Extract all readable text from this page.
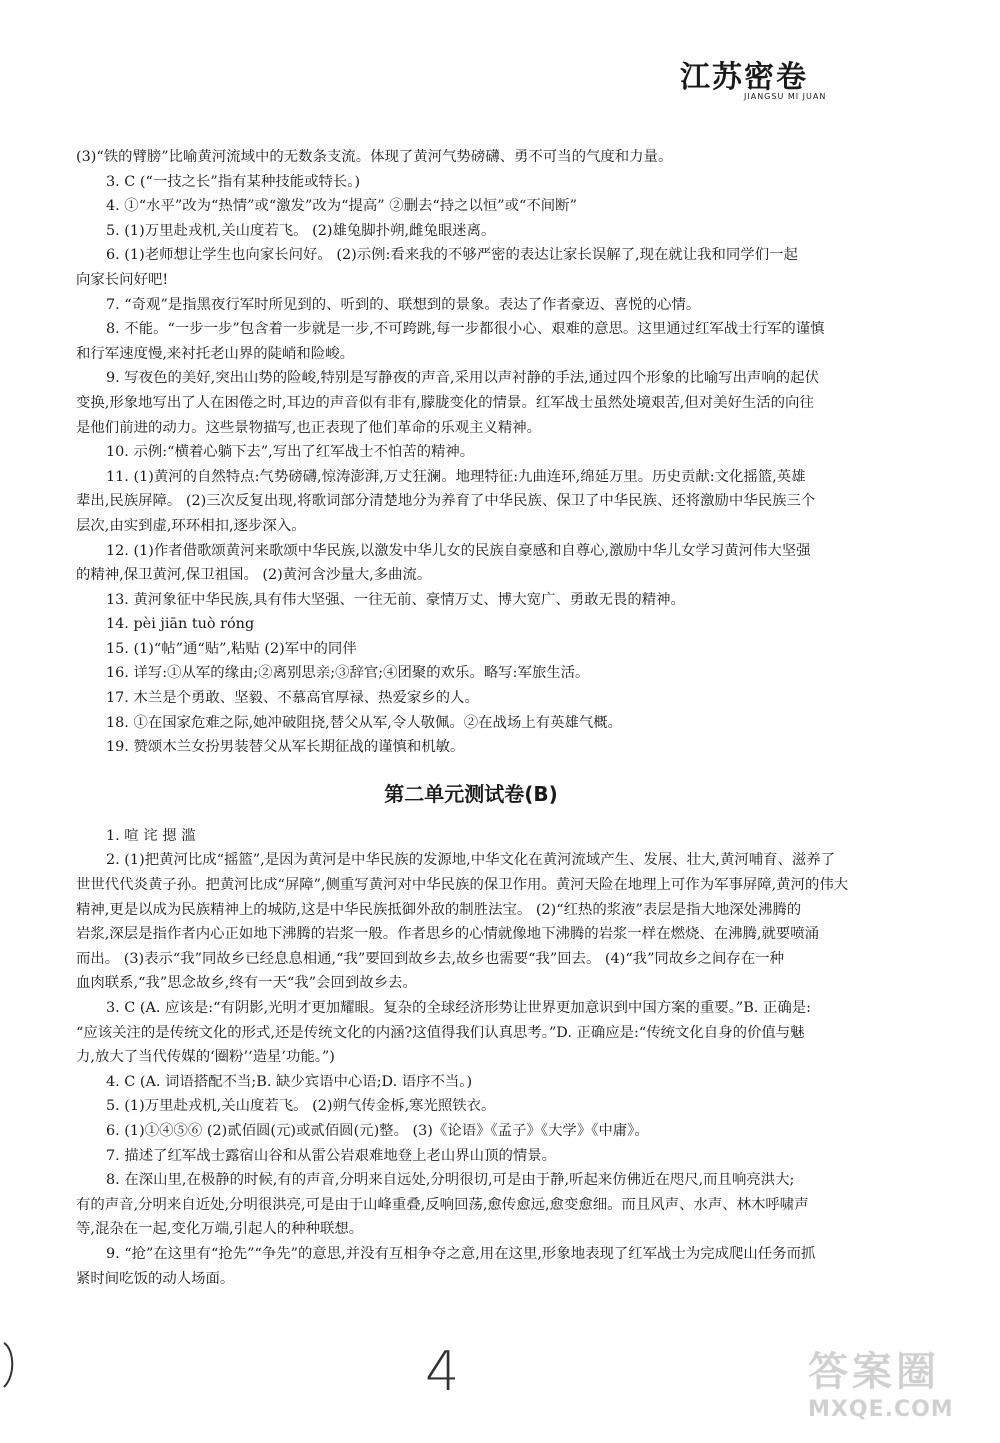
江苏密卷
JIANGSU MI JUAN
(3)“铁的臂膀”比喻黄河流域中的无数条支流。体现了黄河气势磅礴、勇不可当的气度和力量。
3. C (“一技之长”指有某种技能或特长。)
4. ①“水平”改为“热情”或“激发”改为“提高” ②删去“持之以恒”或“不间断”
5. (1)万里赴戎机,关山度若飞。 (2)雄兔脚扑朔,雌兔眼迷离。
6. (1)老师想让学生也向家长问好。 (2)示例:看来我的不够严密的表达让家长误解了,现在就让我和同学们一起
向家长问好吧!
7. “奇观”是指黑夜行军时所见到的、听到的、联想到的景象。表达了作者豪迈、喜悦的心情。
8. 不能。“一步一步”包含着一步就是一步,不可跨跳,每一步都很小心、艰难的意思。这里通过红军战士行军的谨慎
和行军速度慢,来衬托老山界的陡峭和险峻。
9. 写夜色的美好,突出山势的险峻,特别是写静夜的声音,采用以声衬静的手法,通过四个形象的比喻写出声响的起伏
变换,形象地写出了人在困倦之时,耳边的声音似有非有,朦胧变化的情景。红军战士虽然处境艰苦,但对美好生活的向往
是他们前进的动力。这些景物描写,也正表现了他们革命的乐观主义精神。
10. 示例:“横着心躺下去”,写出了红军战士不怕苦的精神。
11. (1)黄河的自然特点:气势磅礴,惊涛澎湃,万丈狂澜。地理特征:九曲连环,绵延万里。历史贡献:文化摇篮,英雄
辈出,民族屏障。 (2)三次反复出现,将歌词部分清楚地分为养育了中华民族、保卫了中华民族、还将激励中华民族三个
层次,由实到虚,环环相扣,逐步深入。
12. (1)作者借歌颂黄河来歌颂中华民族,以激发中华儿女的民族自豪感和自尊心,激励中华儿女学习黄河伟大坚强
的精神,保卫黄河,保卫祖国。 (2)黄河含沙量大,多曲流。
13. 黄河象征中华民族,具有伟大坚强、一往无前、豪情万丈、博大宽广、勇敢无畏的精神。
14. pèi jiān tuò róng
15. (1)“帖”通“贴”,粘贴 (2)军中的同伴
16. 详写:①从军的缘由;②离别思亲;③辞官;④团聚的欢乐。略写:军旅生活。
17. 木兰是个勇敢、坚毅、不慕高官厚禄、热爱家乡的人。
18. ①在国家危难之际,她冲破阻挠,替父从军,令人敬佩。②在战场上有英雄气概。
19. 赞颂木兰女扮男装替父从军长期征战的谨慎和机敏。
第二单元测试卷(B)
1. 喧 诧 摁 滥
2. (1)把黄河比成“摇篮”,是因为黄河是中华民族的发源地,中华文化在黄河流域产生、发展、壮大,黄河哺育、滋养了
世世代代炎黄子孙。把黄河比成“屏障”,侧重写黄河对中华民族的保卫作用。黄河天险在地理上可作为军事屏障,黄河的伟大
精神,更是以成为民族精神上的城防,这是中华民族抵御外敌的制胜法宝。 (2)“红热的浆液”表层是指大地深处沸腾的
岩浆,深层是指作者内心正如地下沸腾的岩浆一般。作者思乡的心情就像地下沸腾的岩浆一样在燃烧、在沸腾,就要喷涌
而出。 (3)表示“我”同故乡已经息息相通,“我”要回到故乡去,故乡也需要“我”回去。 (4)“我”同故乡之间存在一种
血肉联系,“我”思念故乡,终有一天“我”会回到故乡去。
3. C (A. 应该是:“有阴影,光明才更加耀眼。复杂的全球经济形势让世界更加意识到中国方案的重要。”B. 正确是:
“应该关注的是传统文化的形式,还是传统文化的内涵?这值得我们认真思考。”D. 正确应是:“传统文化自身的价值与魅
力,放大了当代传媒的‘圈粉’‘造星’功能。”)
4. C (A. 词语搭配不当;B. 缺少宾语中心语;D. 语序不当。)
5. (1)万里赴戎机,关山度若飞。 (2)朔气传金柝,寒光照铁衣。
6. (1)①④⑤⑥ (2)贰佰圆(元)或贰佰圆(元)整。 (3)《论语》《孟子》《大学》《中庸》。
7. 描述了红军战士露宿山谷和从雷公岩艰难地登上老山界山顶的情景。
8. 在深山里,在极静的时候,有的声音,分明来自远处,分明很切,可是由于静,听起来仿佛近在咫尺,而且响亮洪大;
有的声音,分明来自近处,分明很洪亮,可是由于山峰重叠,反响回荡,愈传愈远,愈变愈细。而且风声、水声、林木呼啸声
等,混杂在一起,变化万端,引起人的种种联想。
9. “抢”在这里有“抢先”“争先”的意思,并没有互相争夺之意,用在这里,形象地表现了红军战士为完成爬山任务而抓
紧时间吃饭的动人场面。
4	答案圈
MXQE.COM
